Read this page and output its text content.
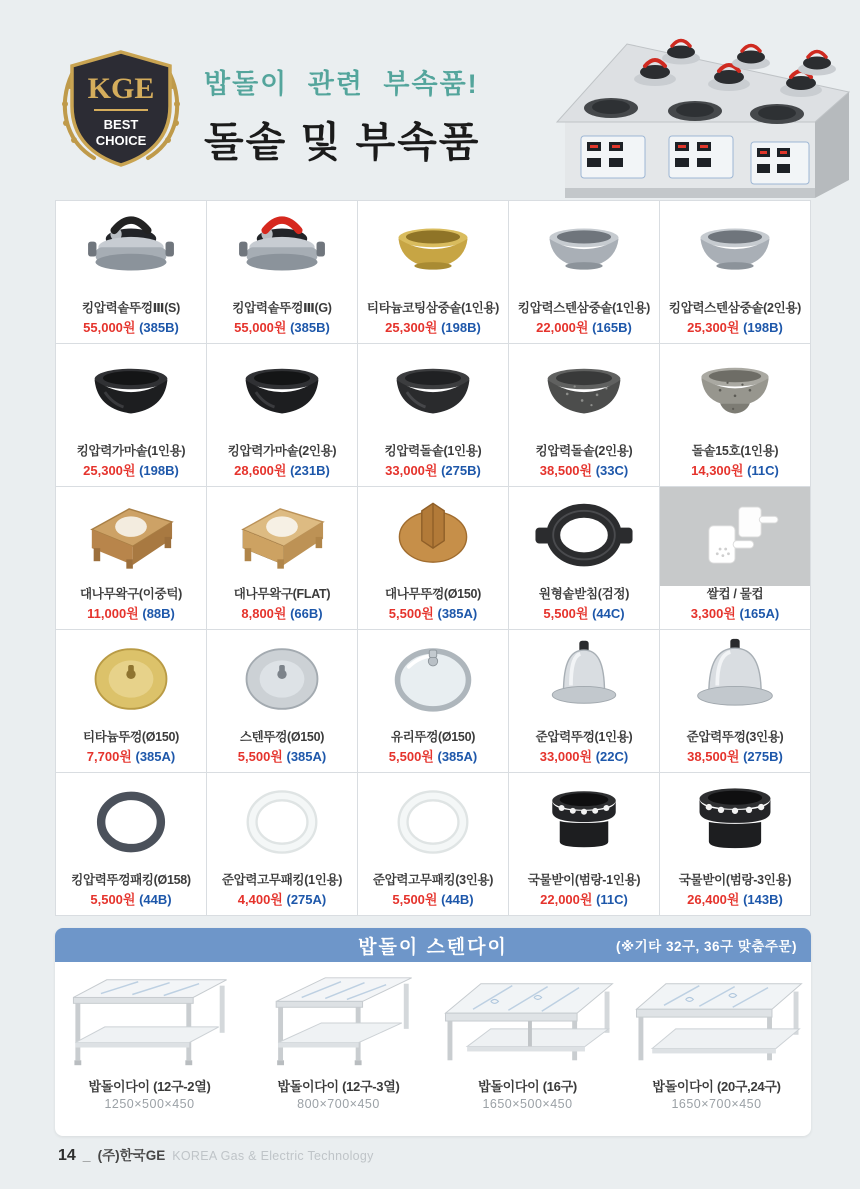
KGE
BEST
CHOICE
밥돌이 관련 부속품!
돌솥 및 부속품
킹압력솥뚜껑Ⅲ(S)
55,000원 (385B)
킹압력솥뚜껑Ⅲ(G)
55,000원 (385B)
티타늄코팅삼중솥(1인용)
25,300원 (198B)
킹압력스텐삼중솥(1인용)
22,000원 (165B)
킹압력스텐삼중솥(2인용)
25,300원 (198B)
킹압력가마솥(1인용)
25,300원 (198B)
킹압력가마솥(2인용)
28,600원 (231B)
킹압력돌솥(1인용)
33,000원 (275B)
킹압력돌솥(2인용)
38,500원 (33C)
돌솥15호(1인용)
14,300원 (11C)
대나무왁구(이중턱)
11,000원 (88B)
대나무왁구(FLAT)
8,800원 (66B)
대나무뚜껑(Ø150)
5,500원 (385A)
원형솥받침(검정)
5,500원 (44C)
쌀컵 / 물컵
3,300원 (165A)
티타늄뚜껑(Ø150)
7,700원 (385A)
스텐뚜껑(Ø150)
5,500원 (385A)
유리뚜껑(Ø150)
5,500원 (385A)
준압력뚜껑(1인용)
33,000원 (22C)
준압력뚜껑(3인용)
38,500원 (275B)
킹압력뚜껑패킹(Ø158)
5,500원 (44B)
준압력고무패킹(1인용)
4,400원 (275A)
준압력고무패킹(3인용)
5,500원 (44B)
국물받이(범랑-1인용)
22,000원 (11C)
국물받이(범랑-3인용)
26,400원 (143B)
밥돌이 스텐다이	(※기타 32구, 36구 맞춤주문)
밥돌이다이 (12구-2열)
1250×500×450
밥돌이다이 (12구-3열)
800×700×450
밥돌이다이 (16구)
1650×500×450
밥돌이다이 (20구,24구)
1650×700×450
14 _ (주)한국GE KOREA Gas & Electric Technology
